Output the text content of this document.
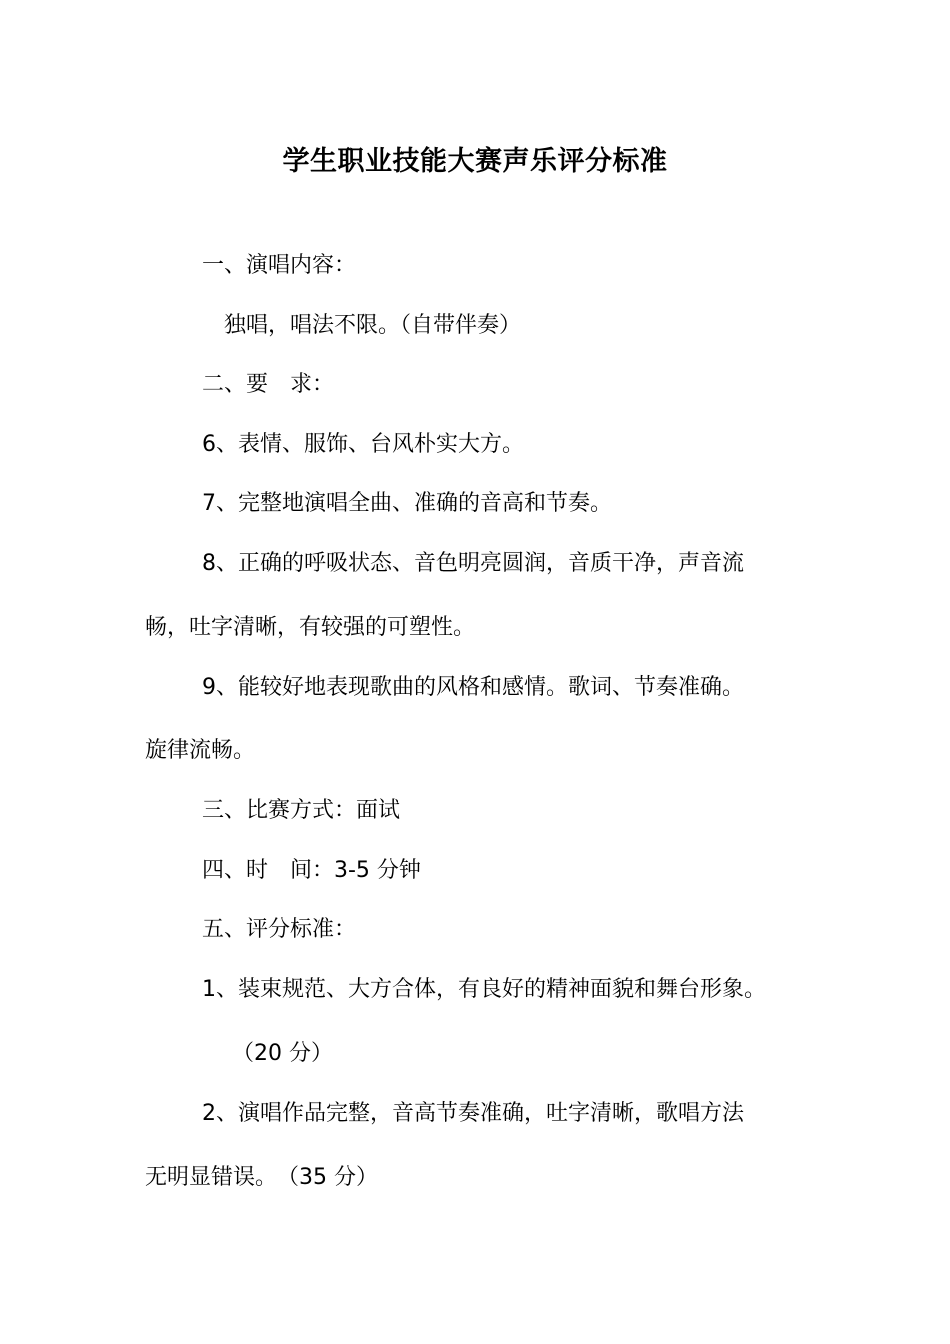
学生职业技能大赛声乐评分标准
一、演唱内容：
独唱，唱法不限。（自带伴奏）
二、要　求：
6、表情、服饰、台风朴实大方。
7、完整地演唱全曲、准确的音高和节奏。
8、正确的呼吸状态、音色明亮圆润，音质干净，声音流
畅，吐字清晰，有较强的可塑性。
9、能较好地表现歌曲的风格和感情。歌词、节奏准确。
旋律流畅。
三、比赛方式：面试
四、时　间：3-5 分钟
五、评分标准：
1、装束规范、大方合体，有良好的精神面貌和舞台形象。
（20 分）
2、演唱作品完整，音高节奏准确，吐字清晰，歌唱方法
无明显错误。　（35 分）
